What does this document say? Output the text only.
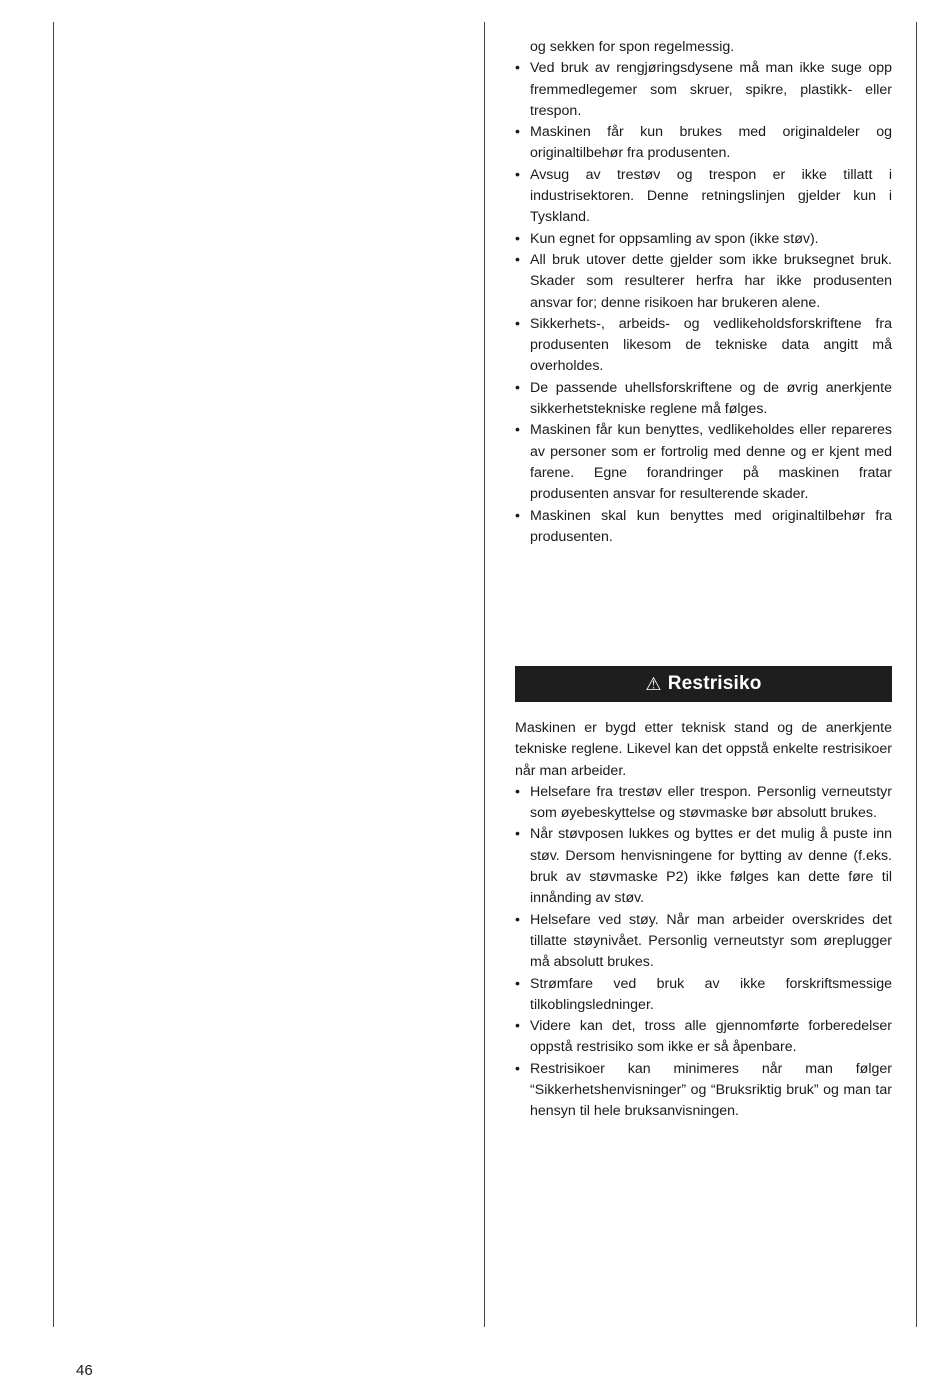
og sekken for spon regelmessig.

• Ved bruk av rengjøringsdysene må man ikke suge opp fremmedlegemer som skruer, spikre, plastikk- eller trespon.
• Maskinen får kun brukes med originaldeler og originaltilbehør fra produsenten.
• Avsug av trestøv og trespon er ikke tillatt i industrisektoren. Denne retningslinjen gjelder kun i Tyskland.
• Kun egnet for oppsamling av spon (ikke støv).
• All bruk utover dette gjelder som ikke bruksegnet bruk. Skader som resulterer herfra har ikke produsenten ansvar for; denne risikoen har brukeren alene.
• Sikkerhets-, arbeids- og vedlikeholdsforskriftene fra produsenten likesom de tekniske data angitt må overholdes.
• De passende uhellsforskriftene og de øvrig anerkjente sikkerhetstekniske reglene må følges.
• Maskinen får kun benyttes, vedlikeholdes eller repareres av personer som er fortrolig med denne og er kjent med farene. Egne forandringer på maskinen fratar produsenten ansvar for resulterende skader.
• Maskinen skal kun benyttes med originaltilbehør fra produsenten.
⚠ Restrisiko

Maskinen er bygd etter teknisk stand og de anerkjente tekniske reglene. Likevel kan det oppstå enkelte restrisikoer når man arbeider.

• Helsefare fra trestøv eller trespon. Personlig verneutstyr som øyebeskyttelse og støvmaske bør absolutt brukes.
• Når støvposen lukkes og byttes er det mulig å puste inn støv. Dersom henvisningene for bytting av denne (f.eks. bruk av støvmaske P2) ikke følges kan dette føre til innånding av støv.
• Helsefare ved støy. Når man arbeider overskrides det tillatte støynivået. Personlig verneutstyr som øreplugger må absolutt brukes.
• Strømfare ved bruk av ikke forskriftsmessige tilkoblingsledninger.
• Videre kan det, tross alle gjennomførte forberedelser oppstå restrisiko som ikke er så åpenbare.
• Restrisikoer kan minimeres når man følger “Sikkerhetshenvisninger” og “Bruksriktig bruk” og man tar hensyn til hele bruksanvisningen.
46
